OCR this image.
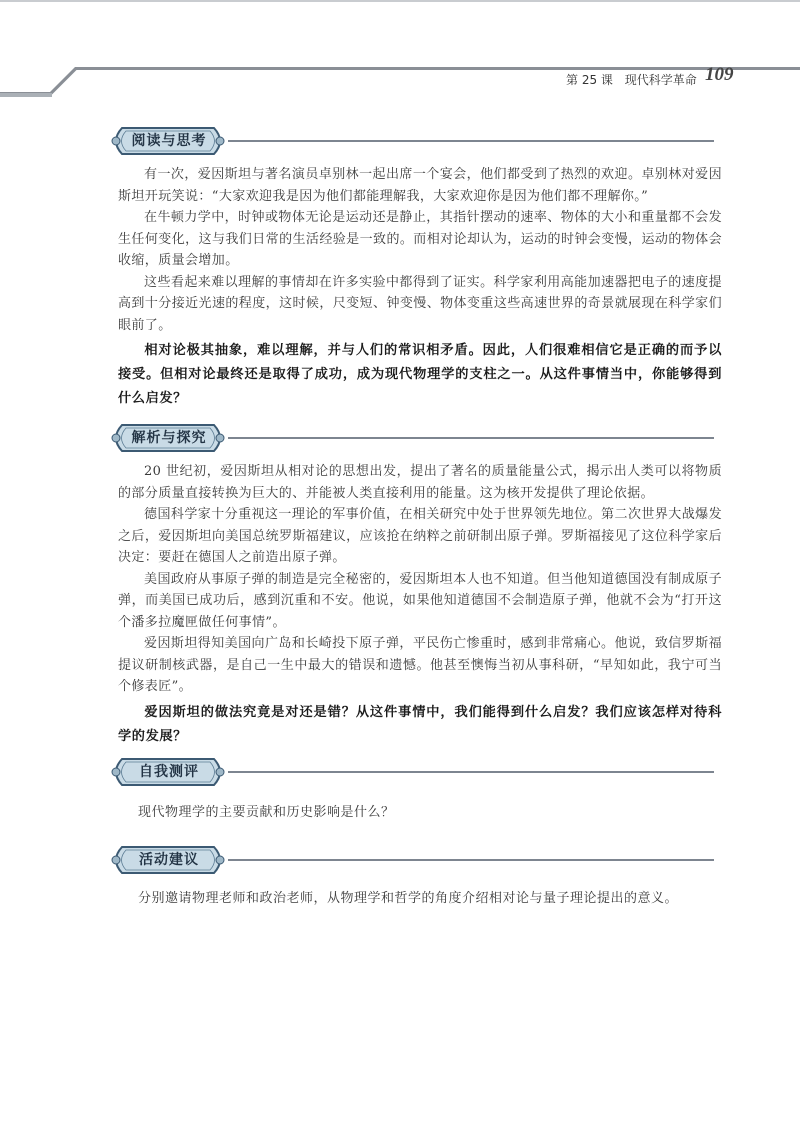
第 25 课 现代科学革命 109
阅读与思考

有一次，爱因斯坦与著名演员卓别林一起出席一个宴会，他们都受到了热烈的欢迎。卓别林对爱因斯坦开玩笑说：“大家欢迎我是因为他们都能理解我，大家欢迎你是因为他们都不理解你。”

在牛顿力学中，时钟或物体无论是运动还是静止，其指针摆动的速率、物体的大小和重量都不会发生任何变化，这与我们日常的生活经验是一致的。而相对论却认为，运动的时钟会变慢，运动的物体会收缩，质量会增加。

这些看起来难以理解的事情却在许多实验中都得到了证实。科学家利用高能加速器把电子的速度提高到十分接近光速的程度，这时候，尺变短、钟变慢、物体变重这些高速世界的奇景就展现在科学家们眼前了。

相对论极其抽象，难以理解，并与人们的常识相矛盾。因此，人们很难相信它是正确的而予以接受。但相对论最终还是取得了成功，成为现代物理学的支柱之一。从这件事情当中，你能够得到什么启发？

解析与探究

20 世纪初，爱因斯坦从相对论的思想出发，提出了著名的质量能量公式，揭示出人类可以将物质的部分质量直接转换为巨大的、并能被人类直接利用的能量。这为核开发提供了理论依据。

德国科学家十分重视这一理论的军事价值，在相关研究中处于世界领先地位。第二次世界大战爆发之后，爱因斯坦向美国总统罗斯福建议，应该抢在纳粹之前研制出原子弹。罗斯福接见了这位科学家后决定：要赶在德国人之前造出原子弹。

美国政府从事原子弹的制造是完全秘密的，爱因斯坦本人也不知道。但当他知道德国没有制成原子弹，而美国已成功后，感到沉重和不安。他说，如果他知道德国不会制造原子弹，他就不会为“打开这个潘多拉魔匣做任何事情”。

爱因斯坦得知美国向广岛和长崎投下原子弹，平民伤亡惨重时，感到非常痛心。他说，致信罗斯福提议研制核武器，是自己一生中最大的错误和遗憾。他甚至懊悔当初从事科研，“早知如此，我宁可当个修表匠”。

爱因斯坦的做法究竟是对还是错？从这件事情中，我们能得到什么启发？我们应该怎样对待科学的发展？

自我测评
现代物理学的主要贡献和历史影响是什么？
活动建议
分别邀请物理老师和政治老师，从物理学和哲学的角度介绍相对论与量子理论提出的意义。
